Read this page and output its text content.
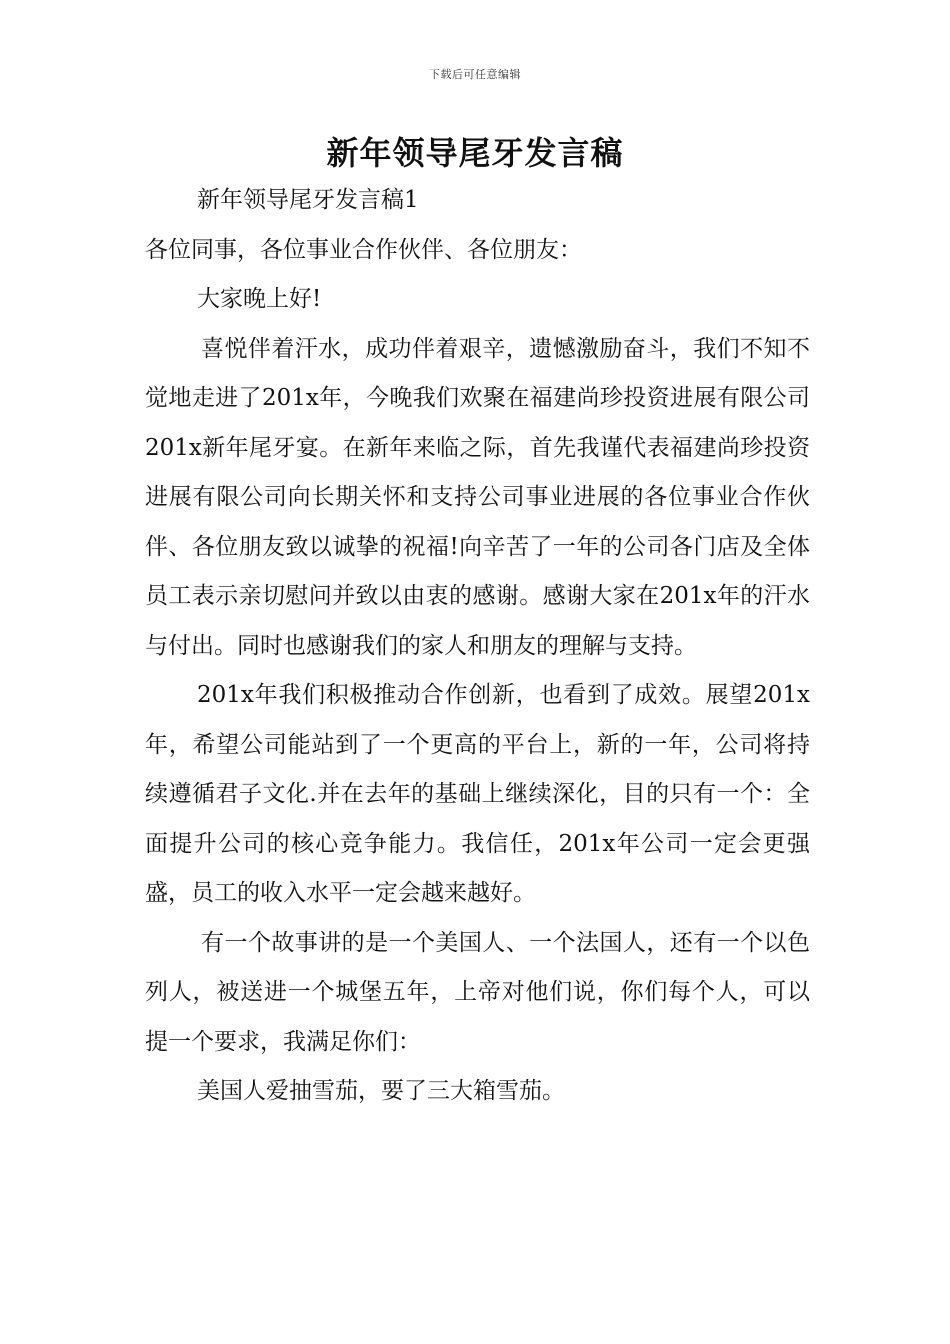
下载后可任意编辑
新年领导尾牙发言稿

新年领导尾牙发言稿1

各位同事，各位事业合作伙伴、各位朋友：

大家晚上好!

喜悦伴着汗水，成功伴着艰辛，遗憾激励奋斗，我们不知不觉地走进了201x年，今晚我们欢聚在福建尚珍投资进展有限公司201x新年尾牙宴。在新年来临之际，首先我谨代表福建尚珍投资进展有限公司向长期关怀和支持公司事业进展的各位事业合作伙伴、各位朋友致以诚挚的祝福!向辛苦了一年的公司各门店及全体员工表示亲切慰问并致以由衷的感谢。感谢大家在201x年的汗水与付出。同时也感谢我们的家人和朋友的理解与支持。

201x年我们积极推动合作创新，也看到了成效。展望201x年，希望公司能站到了一个更高的平台上，新的一年，公司将持续遵循君子文化.并在去年的基础上继续深化，目的只有一个：全面提升公司的核心竞争能力。我信任，201x年公司一定会更强盛，员工的收入水平一定会越来越好。

有一个故事讲的是一个美国人、一个法国人，还有一个以色列人，被送进一个城堡五年，上帝对他们说，你们每个人，可以提一个要求，我满足你们：

美国人爱抽雪茄，要了三大箱雪茄。
